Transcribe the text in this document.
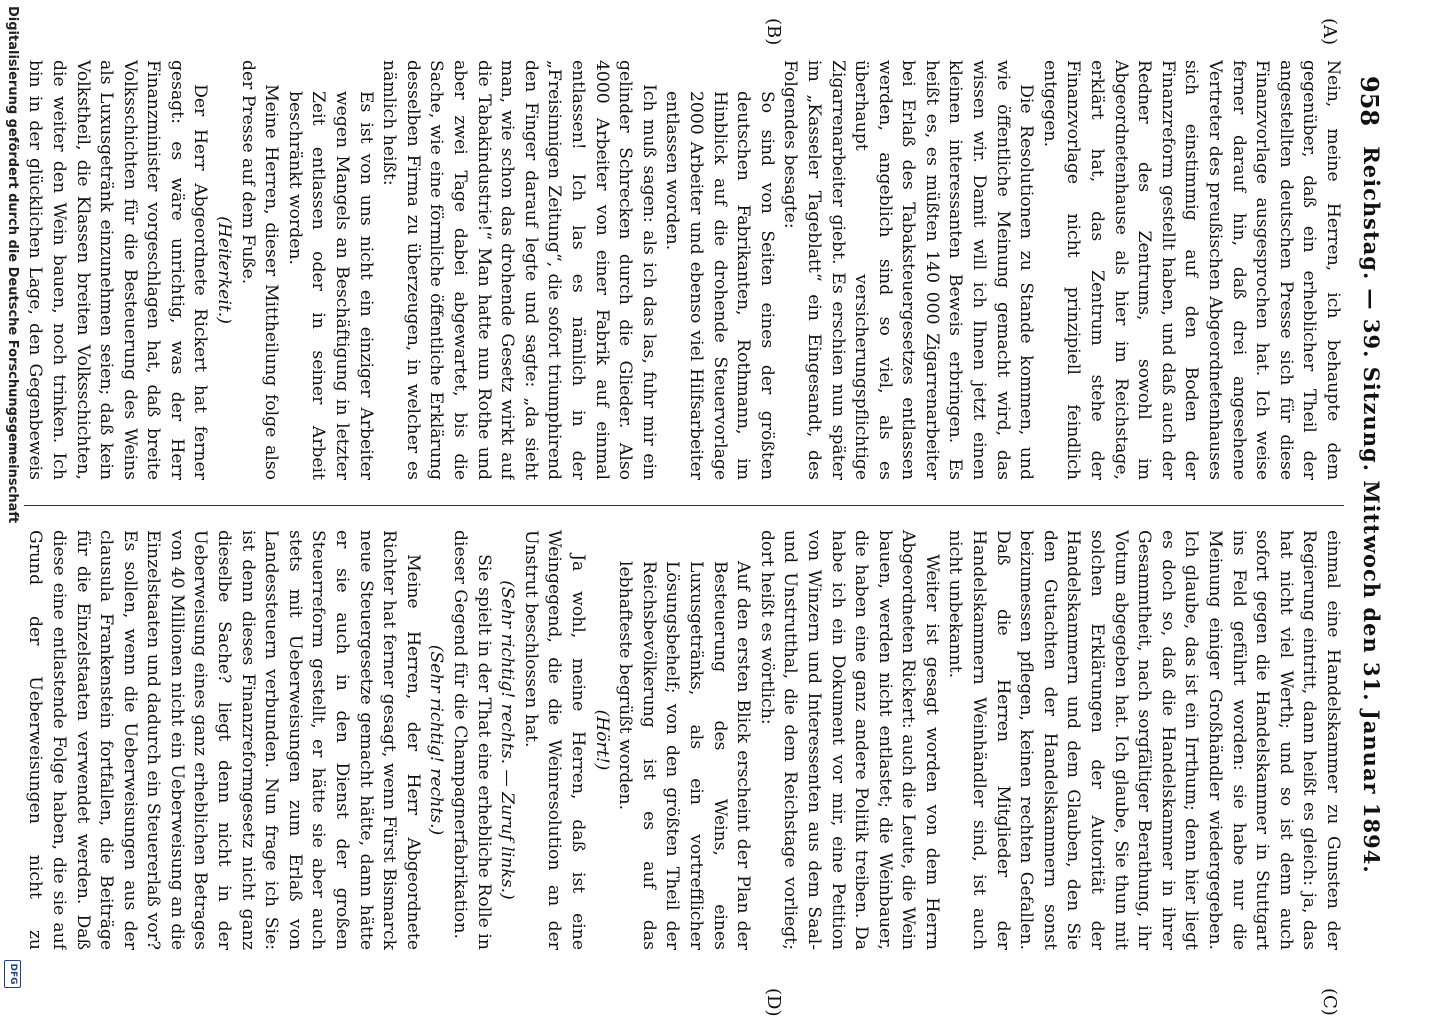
958
Reichstag. — 39. Sitzung. Mittwoch den 31. Januar 1894.
(A)
(B)
(C)
(D)

Nein, meine Herren, ich behaupte dem gegenüber, daß ein erheblicher Theil der angestellten deutschen Presse sich für diese Finanzvorlage ausgesprochen hat. Ich weise ferner darauf hin, daß drei angesehene Vertreter des preußischen Abgeordnetenhauses sich einstimmig auf den Boden der Finanzreform gestellt haben, und daß auch der Redner des Zentrums, sowohl im Abgeordnetenhause als hier im Reichstage, erklärt hat, das Zentrum stehe der Finanzvorlage nicht prinzipiell feindlich entgegen.

Die Resolutionen zu Stande kommen, und wie öffentliche Meinung gemacht wird, das wissen wir. Damit will ich Ihnen jetzt einen kleinen interessanten Beweis erbringen. Es heißt es, es müßten 140 000 Zigarrenarbeiter bei Erlaß des Tabaksteuergesetzes entlassen werden, angeblich sind so viel, als es überhaupt versicherungspflichtige Zigarrenarbeiter giebt. Es erschien nun später im „Kasseler Tageblatt“ ein Eingesandt, des Folgendes besagte:

So sind von Seiten eines der größten deutschen Fabrikanten, Rothmann, im Hinblick auf die drohende Steuervorlage 2000 Arbeiter und ebenso viel Hilfsarbeiter entlassen worden.

Ich muß sagen: als ich das las, fuhr mir ein gelinder Schrecken durch die Glieder. Also 4000 Arbeiter von einer Fabrik auf einmal entlassen! Ich las es nämlich in der „Freisinnigen Zeitung“, die sofort triumphirend den Finger darauf legte und sagte: „da sieht man, wie schon das drohende Gesetz wirkt auf die Tabakindustrie!“ Man hatte nun Rothe und aber zwei Tage dabei abgewartet, bis die Sache, wie eine förmliche öffentliche Erklärung desselben Firma zu überzeugen, in welcher es nämlich heißt:

Es ist von uns nicht ein einziger Arbeiter wegen Mangels an Beschäftigung in letzter Zeit entlassen oder in seiner Arbeit beschränkt worden.

Meine Herren, dieser Mittheilung folge also der Presse auf dem Fuße.

(Heiterkeit.)

Der Herr Abgeordnete Rickert hat ferner gesagt: es wäre unrichtig, was der Herr Finanzminister vorgeschlagen hat, daß breite Volksschichten für die Besteuerung des Weins als Luxusgetränk einzunehmen seien; daß kein Volkstheil, die Klassen breiten Volksschichten, die weiter den Wein bauen, noch trinken. Ich bin in der glücklichen Lage, den Gegenbeweis

einmal eine Handelskammer zu Gunsten der Regierung eintritt, dann heißt es gleich: ja, das hat nicht viel Werth; und so ist denn auch sofort gegen die Handelskammer in Stuttgart ins Feld geführt worden: sie habe nur die Meinung einiger Großhändler wiedergegeben. Ich glaube, das ist ein Irrthum; denn hier liegt es doch so, daß die Handelskammer in ihrer Gesammtheit, nach sorgfältiger Berathung, ihr Votum abgegeben hat. Ich glaube, Sie thun mit solchen Erklärungen der Autorität der Handelskammern und dem Glauben, den Sie den Gutachten der Handelskammern sonst beizumessen pflegen, keinen rechten Gefallen. Daß die Herren Mitglieder der Handelskammern Weinhändler sind, ist auch nicht unbekannt.

Weiter ist gesagt worden von dem Herrn Abgeordneten Rickert: auch die Leute, die Wein bauen, werden nicht entlastet; die Weinbauer, die haben eine ganz andere Politik treiben. Da habe ich ein Dokument vor mir, eine Petition von Winzern und Interessenten aus dem Saal- und Unstrutthal, die dem Reichstage vorliegt; dort heißt es wörtlich:

Auf den ersten Blick erscheint der Plan der Besteuerung des Weins, eines Luxusgetränks, als ein vortrefflicher Lösungsbehelf; von den größten Theil der Reichsbevölkerung ist es auf das lebhafteste begrüßt worden.

(Hört!)

Ja wohl, meine Herren, daß ist eine Weingegend, die die Weinresolution an der Unstrut beschlossen hat.

(Sehr richtig! rechts. — Zuruf links.)

Sie spielt in der That eine erhebliche Rolle in dieser Gegend für die Champagnerfabrikation.

(Sehr richtig! rechts.)

Meine Herren, der Herr Abgeordnete Richter hat ferner gesagt, wenn Fürst Bismarck neue Steuergesetze gemacht hätte, dann hätte er sie auch in den Dienst der großen Steuerreform gestellt, er hätte sie aber auch stets mit Ueberweisungen zum Erlaß von Landessteuern verbunden. Nun frage ich Sie: ist denn dieses Finanzreformgesetz nicht ganz dieselbe Sache? liegt denn nicht in der Ueberweisung eines ganz erheblichen Betrages von 40 Millionen nicht ein Ueberweisung an die Einzelstaaten und dadurch ein Steuererlaß vor? Es sollen, wenn die Ueberweisungen aus der clausula Frankenstein fortfallen, die Beiträge für die Einzelstaaten verwendet werden. Daß diese eine entlastende Folge haben, die sie auf Grund der Ueberweisungen nicht zu

Digitalisierung gefördert durch die Deutsche Forschungsgemeinschaft
DFG
